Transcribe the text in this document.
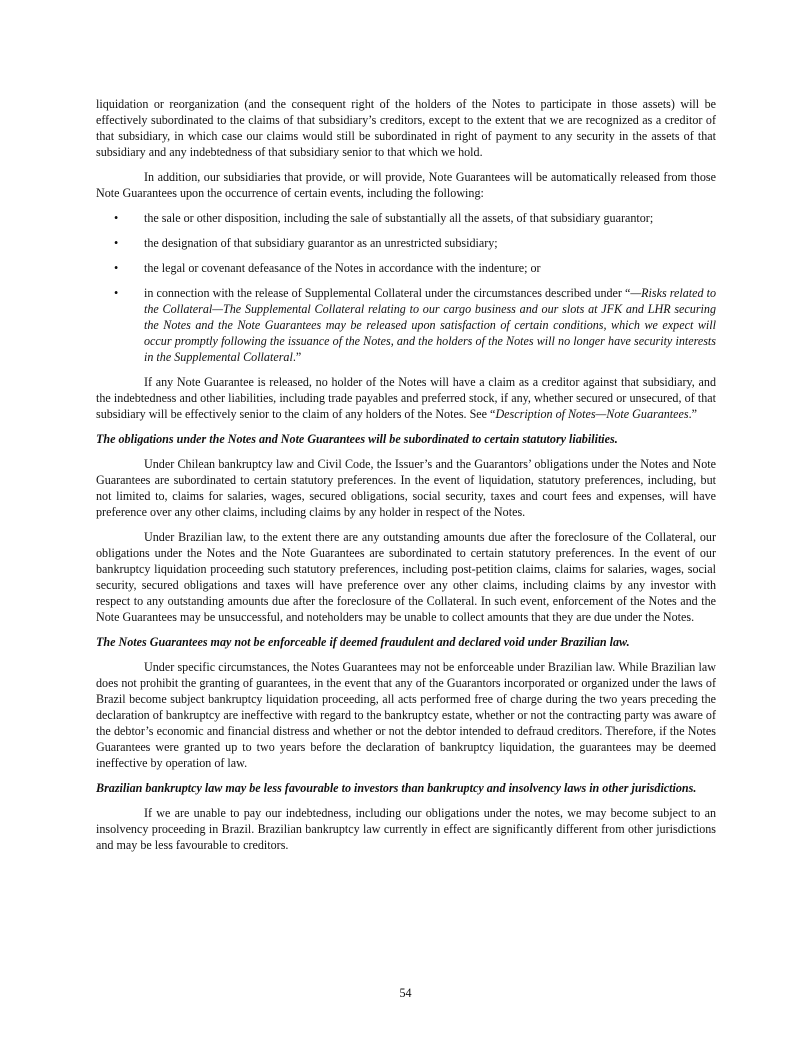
liquidation or reorganization (and the consequent right of the holders of the Notes to participate in those assets) will be effectively subordinated to the claims of that subsidiary’s creditors, except to the extent that we are recognized as a creditor of that subsidiary, in which case our claims would still be subordinated in right of payment to any security in the assets of that subsidiary and any indebtedness of that subsidiary senior to that which we hold.

In addition, our subsidiaries that provide, or will provide, Note Guarantees will be automatically released from those Note Guarantees upon the occurrence of certain events, including the following:

• the sale or other disposition, including the sale of substantially all the assets, of that subsidiary guarantor;
• the designation of that subsidiary guarantor as an unrestricted subsidiary;
• the legal or covenant defeasance of the Notes in accordance with the indenture; or
• in connection with the release of Supplemental Collateral under the circumstances described under “—Risks related to the Collateral—The Supplemental Collateral relating to our cargo business and our slots at JFK and LHR securing the Notes and the Note Guarantees may be released upon satisfaction of certain conditions, which we expect will occur promptly following the issuance of the Notes, and the holders of the Notes will no longer have security interests in the Supplemental Collateral.”

If any Note Guarantee is released, no holder of the Notes will have a claim as a creditor against that subsidiary, and the indebtedness and other liabilities, including trade payables and preferred stock, if any, whether secured or unsecured, of that subsidiary will be effectively senior to the claim of any holders of the Notes. See “Description of Notes—Note Guarantees.”

The obligations under the Notes and Note Guarantees will be subordinated to certain statutory liabilities.

Under Chilean bankruptcy law and Civil Code, the Issuer’s and the Guarantors’ obligations under the Notes and Note Guarantees are subordinated to certain statutory preferences. In the event of liquidation, statutory preferences, including, but not limited to, claims for salaries, wages, secured obligations, social security, taxes and court fees and expenses, will have preference over any other claims, including claims by any holder in respect of the Notes.

Under Brazilian law, to the extent there are any outstanding amounts due after the foreclosure of the Collateral, our obligations under the Notes and the Note Guarantees are subordinated to certain statutory preferences. In the event of our bankruptcy liquidation proceeding such statutory preferences, including post-petition claims, claims for salaries, wages, social security, secured obligations and taxes will have preference over any other claims, including claims by any investor with respect to any outstanding amounts due after the foreclosure of the Collateral. In such event, enforcement of the Notes and the Note Guarantees may be unsuccessful, and noteholders may be unable to collect amounts that they are due under the Notes.

The Notes Guarantees may not be enforceable if deemed fraudulent and declared void under Brazilian law.

Under specific circumstances, the Notes Guarantees may not be enforceable under Brazilian law. While Brazilian law does not prohibit the granting of guarantees, in the event that any of the Guarantors incorporated or organized under the laws of Brazil become subject bankruptcy liquidation proceeding, all acts performed free of charge during the two years preceding the declaration of bankruptcy are ineffective with regard to the bankruptcy estate, whether or not the contracting party was aware of the debtor’s economic and financial distress and whether or not the debtor intended to defraud creditors. Therefore, if the Notes Guarantees were granted up to two years before the declaration of bankruptcy liquidation, the guarantees may be deemed ineffective by operation of law.

Brazilian bankruptcy law may be less favourable to investors than bankruptcy and insolvency laws in other jurisdictions.

If we are unable to pay our indebtedness, including our obligations under the notes, we may become subject to an insolvency proceeding in Brazil. Brazilian bankruptcy law currently in effect are significantly different from other jurisdictions and may be less favourable to creditors.

54
